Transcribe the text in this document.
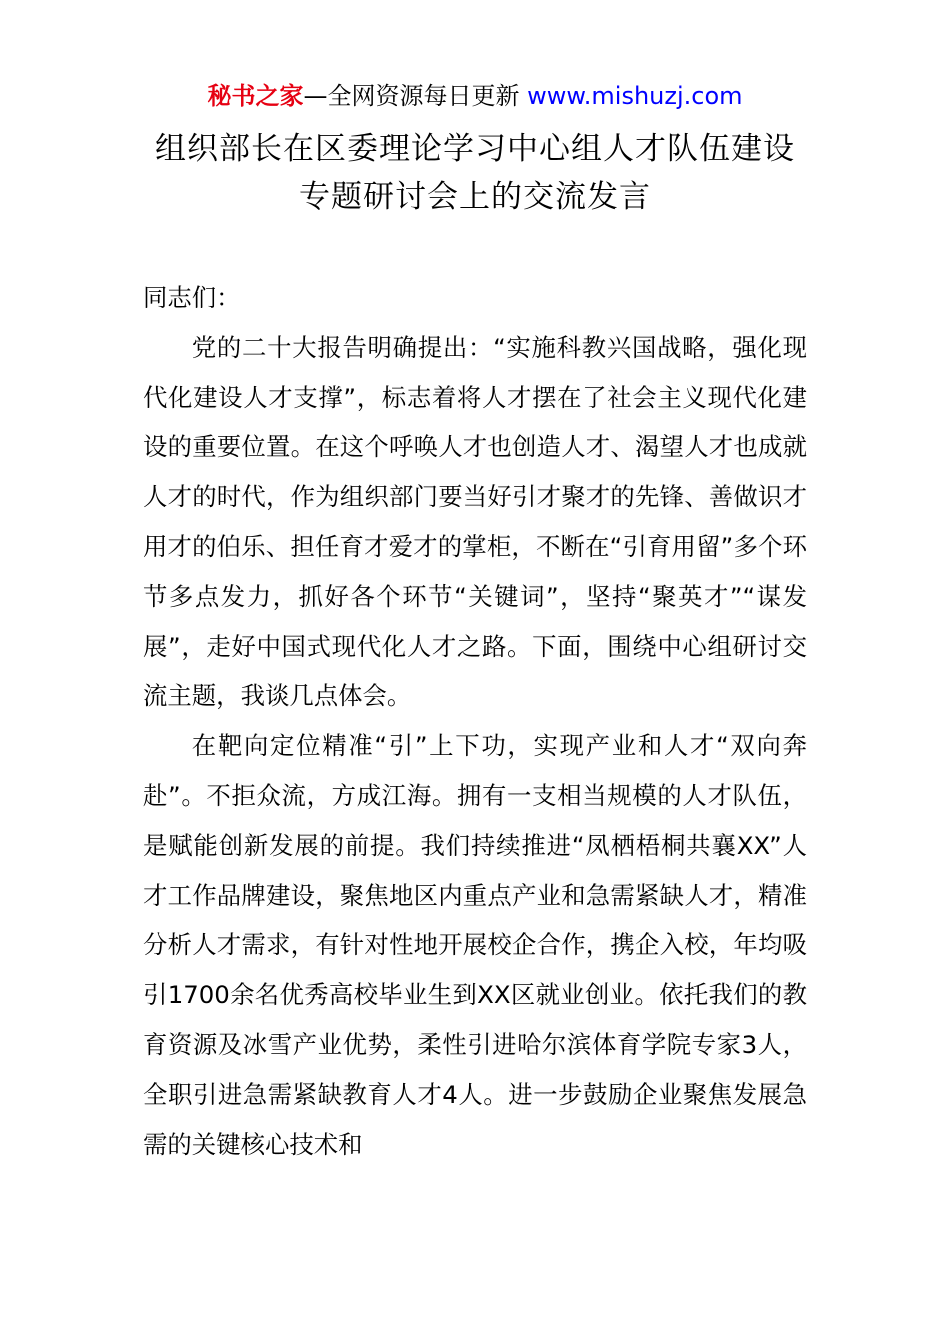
秘书之家—全网资源每日更新 www.mishuzj.com
组织部长在区委理论学习中心组人才队伍建设
专题研讨会上的交流发言

同志们：

党的二十大报告明确提出：“实施科教兴国战略，强化现代化建设人才支撑”，标志着将人才摆在了社会主义现代化建设的重要位置。在这个呼唤人才也创造人才、渴望人才也成就人才的时代，作为组织部门要当好引才聚才的先锋、善做识才用才的伯乐、担任育才爱才的掌柜，不断在“引育用留”多个环节多点发力，抓好各个环节“关键词”，坚持“聚英才”“谋发展”，走好中国式现代化人才之路。下面，围绕中心组研讨交流主题，我谈几点体会。

在靶向定位精准“引”上下功，实现产业和人才“双向奔赴”。不拒众流，方成江海。拥有一支相当规模的人才队伍，是赋能创新发展的前提。我们持续推进“凤栖梧桐共襄XX”人才工作品牌建设，聚焦地区内重点产业和急需紧缺人才，精准分析人才需求，有针对性地开展校企合作，携企入校，年均吸引1700余名优秀高校毕业生到XX区就业创业。依托我们的教育资源及冰雪产业优势，柔性引进哈尔滨体育学院专家3人，全职引进急需紧缺教育人才4人。进一步鼓励企业聚焦发展急需的关键核心技术和
